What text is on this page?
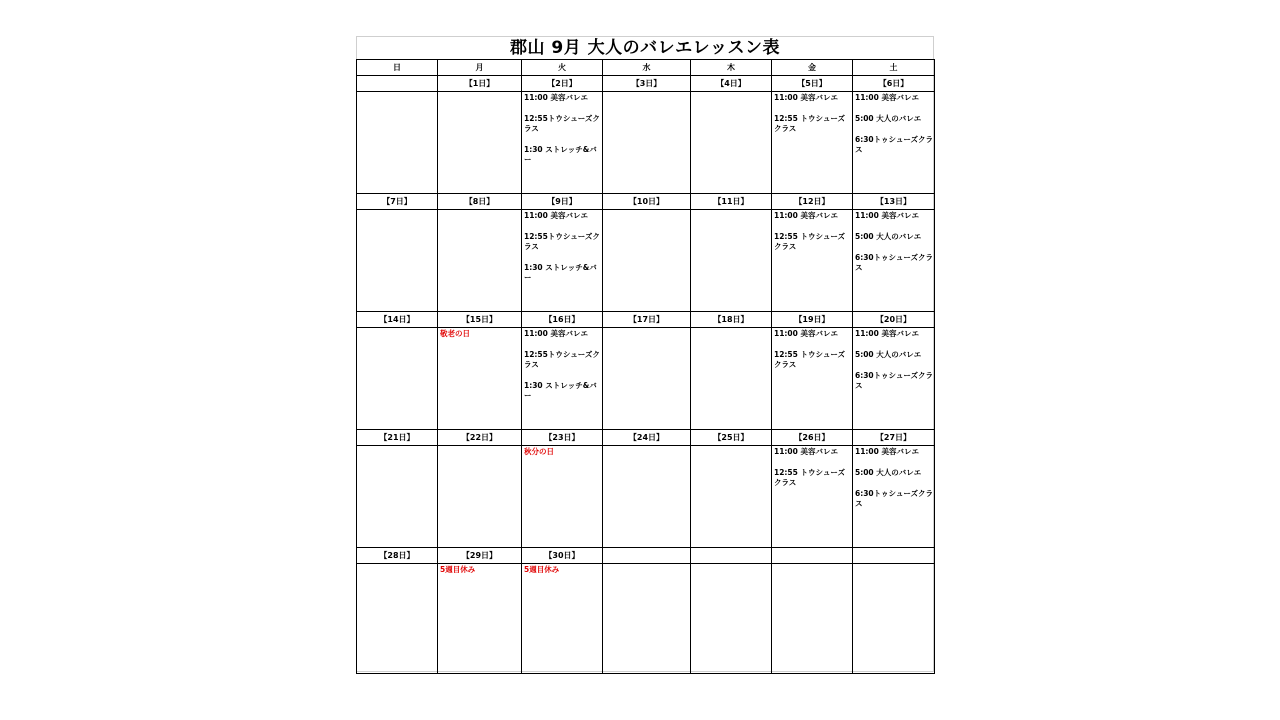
郡山 9月 大人のバレエレッスン表
日	月	火	水	木	金	土
	【1日】	【2日】	【3日】	【4日】	【5日】	【6日】

		11:00 美容バレエ
12:55トウシューズクラス
1:30 ストレッチ&バー			11:00 美容バレエ
12:55 トウシューズクラス	11:00 美容バレエ
5:00 大人のバレエ
6:30トゥシューズクラス

【7日】	【8日】	【9日】	【10日】	【11日】	【12日】	【13日】

		11:00 美容バレエ
12:55トウシューズクラス
1:30 ストレッチ&バー			11:00 美容バレエ
12:55 トウシューズクラス	11:00 美容バレエ
5:00 大人のバレエ
6:30トゥシューズクラス

【14日】	【15日】	【16日】	【17日】	【18日】	【19日】	【20日】

	敬老の日	11:00 美容バレエ
12:55トウシューズクラス
1:30 ストレッチ&バー			11:00 美容バレエ
12:55 トウシューズクラス	11:00 美容バレエ
5:00 大人のバレエ
6:30トゥシューズクラス

【21日】	【22日】	【23日】	【24日】	【25日】	【26日】	【27日】

		秋分の日			11:00 美容バレエ
12:55 トウシューズクラス	11:00 美容バレエ
5:00 大人のバレエ
6:30トゥシューズクラス

【28日】	【29日】	【30日】				

	5週目休み	5週目休み				
